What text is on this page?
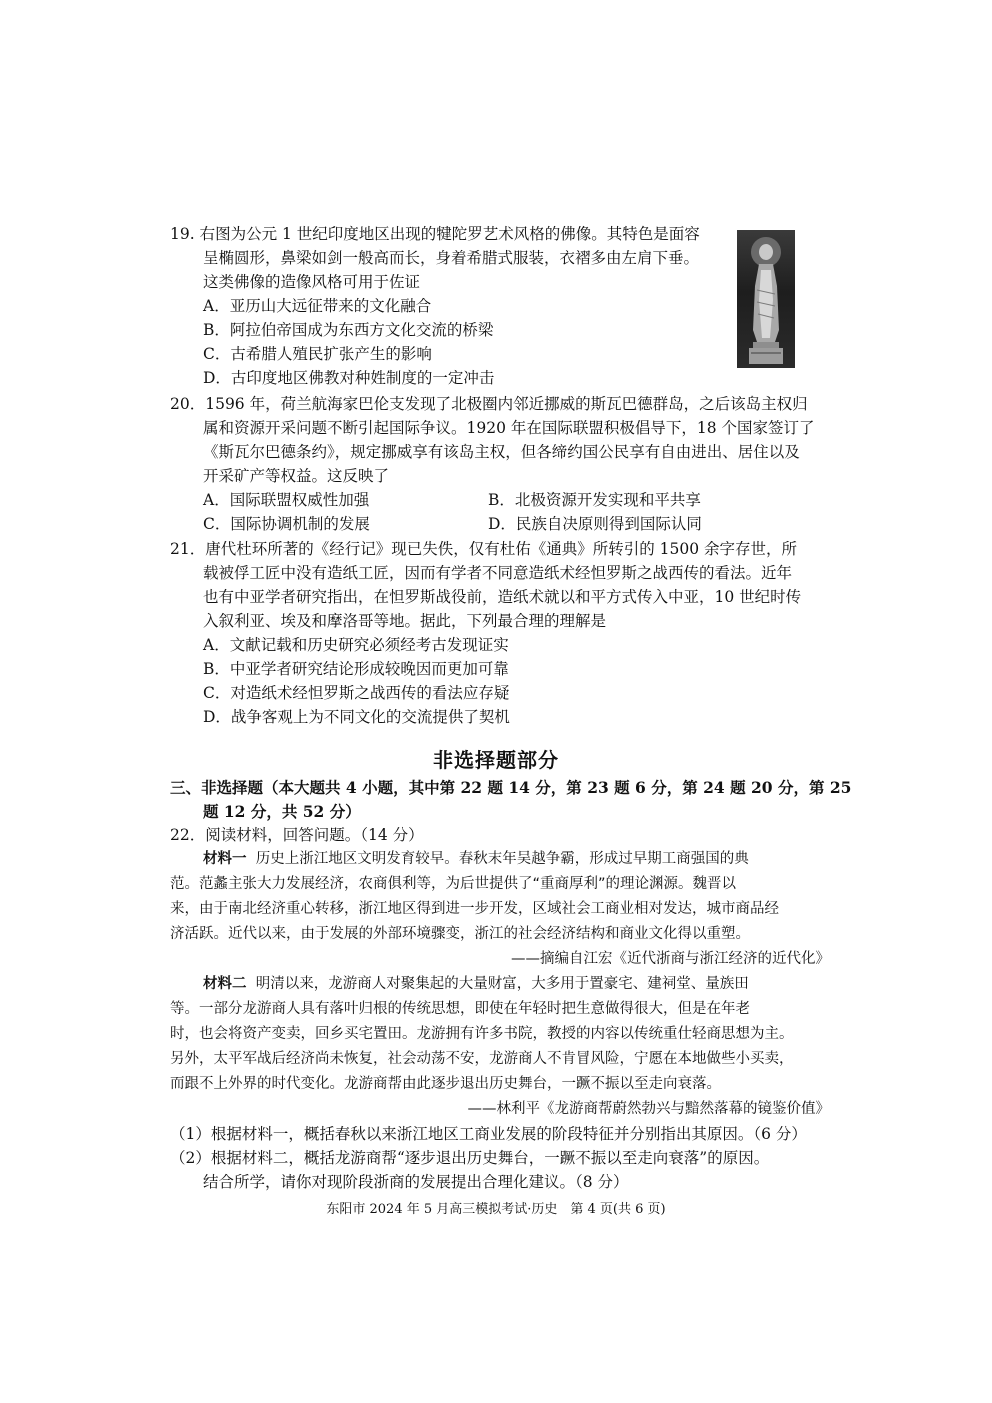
19. 右图为公元 1 世纪印度地区出现的犍陀罗艺术风格的佛像。其特色是面容
呈椭圆形，鼻梁如剑一般高而长，身着希腊式服装，衣褶多由左肩下垂。
这类佛像的造像风格可用于佐证
A．亚历山大远征带来的文化融合
B．阿拉伯帝国成为东西方文化交流的桥梁
C．古希腊人殖民扩张产生的影响
D．古印度地区佛教对种姓制度的一定冲击
20．1596 年，荷兰航海家巴伦支发现了北极圈内邻近挪威的斯瓦巴德群岛，之后该岛主权归
属和资源开采问题不断引起国际争议。1920 年在国际联盟积极倡导下，18 个国家签订了
《斯瓦尔巴德条约》，规定挪威享有该岛主权，但各缔约国公民享有自由进出、居住以及
开采矿产等权益。这反映了
A．国际联盟权威性加强	B．北极资源开发实现和平共享
C．国际协调机制的发展	D．民族自决原则得到国际认同
21．唐代杜环所著的《经行记》现已失佚，仅有杜佑《通典》所转引的 1500 余字存世，所
载被俘工匠中没有造纸工匠，因而有学者不同意造纸术经怛罗斯之战西传的看法。近年
也有中亚学者研究指出，在怛罗斯战役前，造纸术就以和平方式传入中亚，10 世纪时传
入叙利亚、埃及和摩洛哥等地。据此，下列最合理的理解是
A．文献记载和历史研究必须经考古发现证实
B．中亚学者研究结论形成较晚因而更加可靠
C．对造纸术经怛罗斯之战西传的看法应存疑
D．战争客观上为不同文化的交流提供了契机
非选择题部分
三、非选择题（本大题共 4 小题，其中第 22 题 14 分，第 23 题 6 分，第 24 题 20 分，第 25
题 12 分，共 52 分）
22．阅读材料，回答问题。（14 分）
材料一 历史上浙江地区文明发育较早。春秋末年吴越争霸，形成过早期工商强国的典
范。范蠡主张大力发展经济，农商俱利等，为后世提供了“重商厚利”的理论渊源。魏晋以
来，由于南北经济重心转移，浙江地区得到进一步开发，区域社会工商业相对发达，城市商品经
济活跃。近代以来，由于发展的外部环境骤变，浙江的社会经济结构和商业文化得以重塑。
——摘编自江宏《近代浙商与浙江经济的近代化》
材料二 明清以来，龙游商人对聚集起的大量财富，大多用于置豪宅、建祠堂、量族田
等。一部分龙游商人具有落叶归根的传统思想，即使在年轻时把生意做得很大，但是在年老
时，也会将资产变卖，回乡买宅置田。龙游拥有许多书院，教授的内容以传统重仕轻商思想为主。
另外，太平军战后经济尚未恢复，社会动荡不安，龙游商人不肯冒风险，宁愿在本地做些小买卖，
而跟不上外界的时代变化。龙游商帮由此逐步退出历史舞台，一蹶不振以至走向衰落。
——林利平《龙游商帮蔚然勃兴与黯然落幕的镜鉴价值》
（1）根据材料一，概括春秋以来浙江地区工商业发展的阶段特征并分别指出其原因。（6 分）
（2）根据材料二，概括龙游商帮“逐步退出历史舞台，一蹶不振以至走向衰落”的原因。
结合所学，请你对现阶段浙商的发展提出合理化建议。（8 分）
东阳市 2024 年 5 月高三模拟考试·历史　第 4 页(共 6 页)
